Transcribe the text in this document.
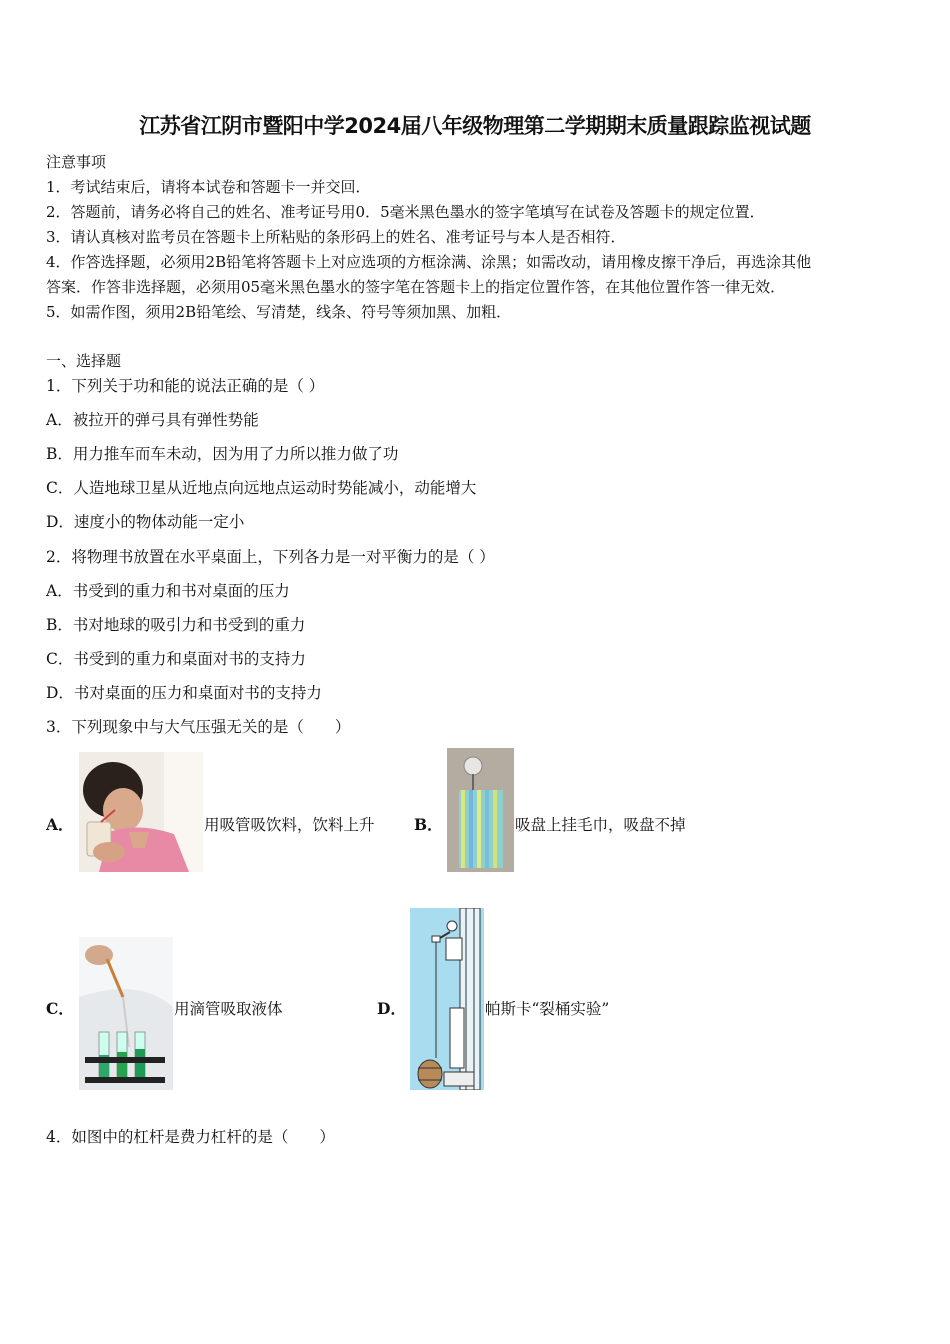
江苏省江阴市暨阳中学2024届八年级物理第二学期期末质量跟踪监视试题
注意事项
1．考试结束后，请将本试卷和答题卡一并交回．
2．答题前，请务必将自己的姓名、准考证号用0．5毫米黑色墨水的签字笔填写在试卷及答题卡的规定位置．
3．请认真核对监考员在答题卡上所粘贴的条形码上的姓名、准考证号与本人是否相符．
4．作答选择题，必须用2B铅笔将答题卡上对应选项的方框涂满、涂黑；如需改动，请用橡皮擦干净后，再选涂其他
答案．作答非选择题，必须用05毫米黑色墨水的签字笔在答题卡上的指定位置作答，在其他位置作答一律无效．
5．如需作图，须用2B铅笔绘、写清楚，线条、符号等须加黑、加粗．
一、选择题
1．下列关于功和能的说法正确的是（ ）
A．被拉开的弹弓具有弹性势能
B．用力推车而车未动，因为用了力所以推力做了功
C．人造地球卫星从近地点向远地点运动时势能减小，动能增大
D．速度小的物体动能一定小
2．将物理书放置在水平桌面上，下列各力是一对平衡力的是（ ）
A．书受到的重力和书对桌面的压力
B．书对地球的吸引力和书受到的重力
C．书受到的重力和桌面对书的支持力
D．书对桌面的压力和桌面对书的支持力
3．下列现象中与大气压强无关的是（　　）
A．	用吸管吸饮料，饮料上升	B．	吸盘上挂毛巾，吸盘不掉
C．	用滴管吸取液体	D．	帕斯卡“裂桶实验”
4．如图中的杠杆是费力杠杆的是（　　）
